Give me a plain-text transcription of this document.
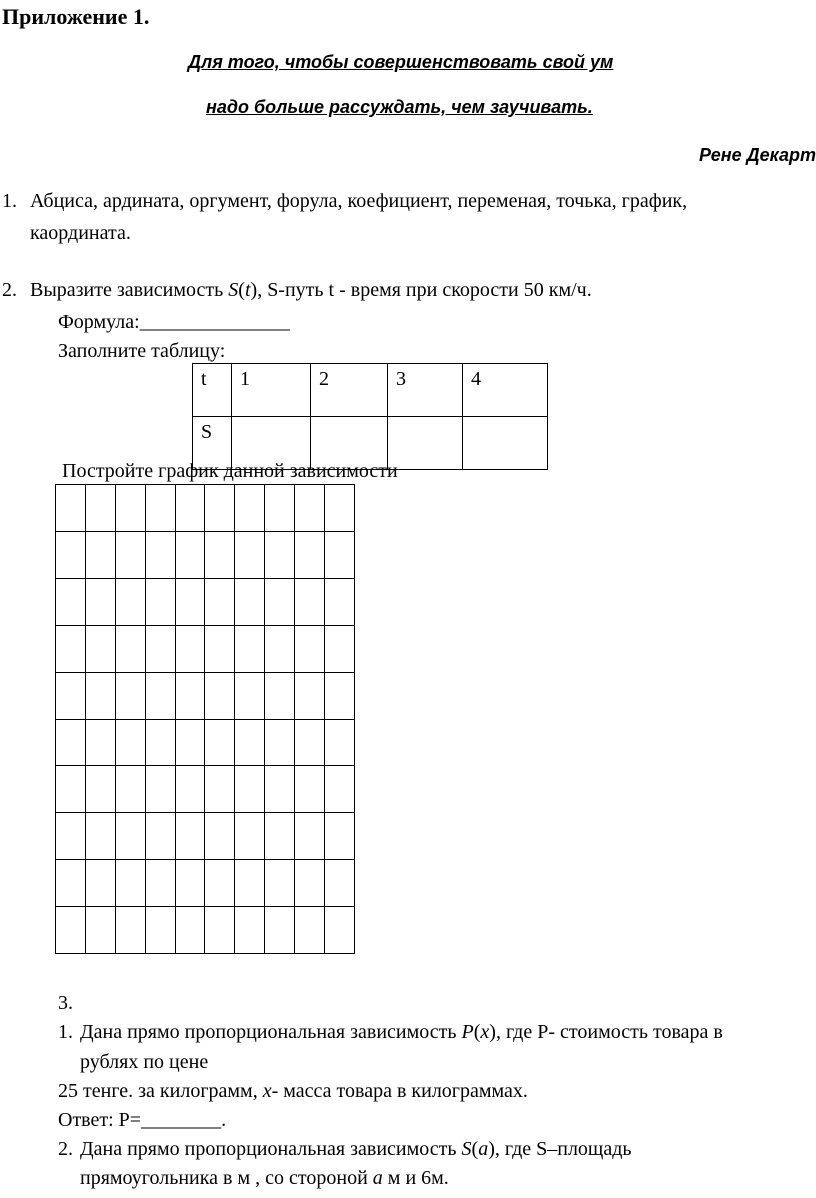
Приложение 1.
Для того, чтобы совершенствовать свой ум
надо больше рассуждать, чем заучивать.
Рене Декарт
1. Абциса, ардината, оргумент, форула, коефициент, переменая, точька, график,
каордината.
2. Выразите зависимость S(t), S-путь t - время при скорости 50 км/ч.
Формула:_______________
Заполните таблицу:
t	1	2	3	4
S				
Постройте график данной зависимости
3.
1. Дана прямо пропорциональная зависимость P(x), где P- стоимость товара в
рублях по цене
25 тенге. за килограмм, x- масса товара в килограммах.
Ответ: P=________.
2. Дана прямо пропорциональная зависимость S(a), где S–площадь
прямоугольника в м , со стороной a м и 6м.
